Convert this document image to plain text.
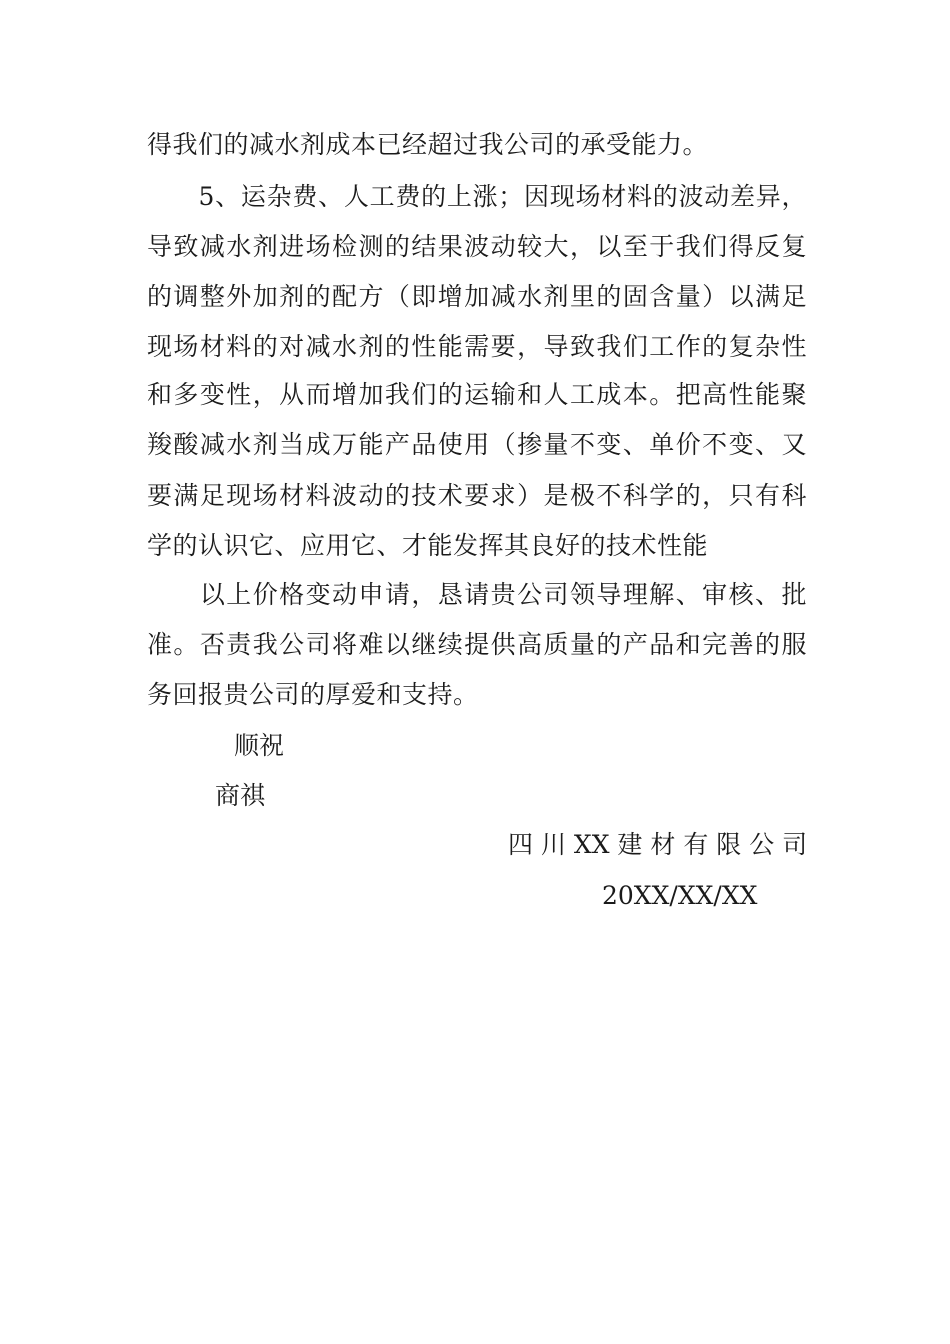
得我们的减水剂成本已经超过我公司的承受能力。
　　5、运杂费、人工费的上涨；因现场材料的波动差异，
导致减水剂进场检测的结果波动较大，以至于我们得反复
的调整外加剂的配方（即增加减水剂里的固含量）以满足
现场材料的对减水剂的性能需要，导致我们工作的复杂性
和多变性，从而增加我们的运输和人工成本。把高性能聚
羧酸减水剂当成万能产品使用（掺量不变、单价不变、又
要满足现场材料波动的技术要求）是极不科学的，只有科
学的认识它、应用它、才能发挥其良好的技术性能
　　以上价格变动申请，恳请贵公司领导理解、审核、批
准。否责我公司将难以继续提供高质量的产品和完善的服
务回报贵公司的厚爱和支持。
顺祝
商祺
四 川 XX 建 材 有 限 公 司
20XX/XX/XX
